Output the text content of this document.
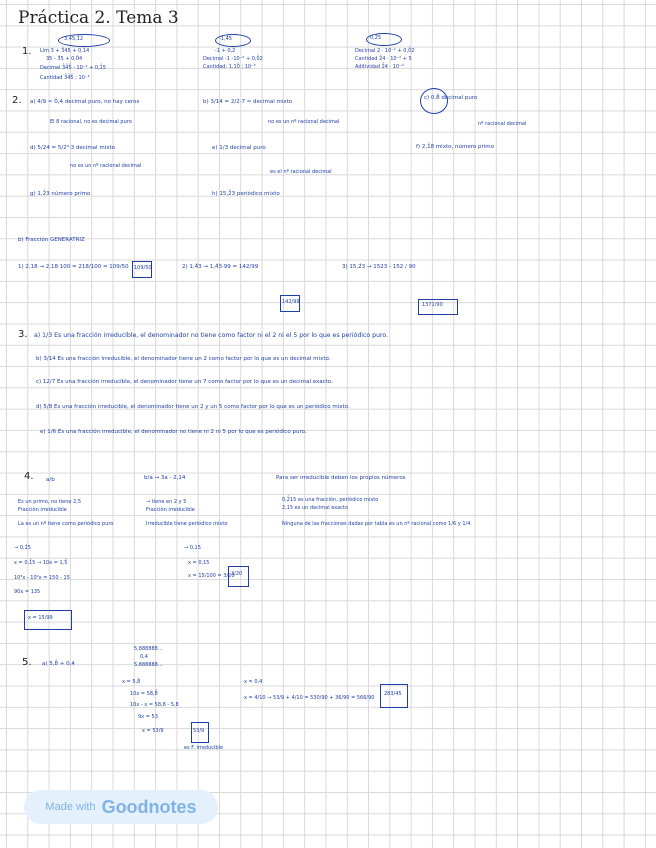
Práctica 2. Tema 3
1.
3,45,1̂2	-1,4̂5	0,2̂5
Lim 3 + 3̂45 + 0,1̂4
35 - 3̂5 + 0,0̂4
Decimal 3̂4̂5̂ - 10⁻² + 0,1̂5
Cantidad 3̂4̂5̂ ; 10⁻³
-1 + 0,2̂
Decimal -1 -10⁻² + 0,0̂2
Cantidad: 1,10̂ ; 10⁻²
Decimal 2 · 10⁻¹ + 0,0̂2
Cantidad 2̂4 · 10⁻² + 5
Aditividad 2̂4 · 10⁻²
2. a) 4/9 ≈ 0̂,4 decimal puro, no hay ceros
El 8 racional, no es decimal puro
b) 3/14 = 2/2·7 ≈ decimal mixto
no es un nº racional decimal
c) 0,8̂ decimal puro
nº racional decimal
d) 5/24 = 5/2³·3 decimal mixto
no es un nº racional decimal
e) 1/3 decimal puro
es el nº racional decimal
f) 2,1̂8 mixto, número primo
g) 1,2̂3 número primo	h) 15,2̂3 periódico mixto
b) Fracción GENERATRIZ
1) 2,18 → 2,18·100 = 218/100 = 109/50 109/50	2) 1,4̂3 → 1,4̂3·99 = 142/99
142/99
3) 15,2̂3 → 1523 - 152 / 90
1371/90
3. a) 1/3 Es una fracción irreducible, el denominador no tiene como factor ni el 2 ni el 5 por lo que es periódico puro.
b) 3/14 Es una fracción irreducible, el denominador tiene un 2 como factor por lo que es un decimal mixto.
c) 12/7 Es una fracción irreducible, el denominador tiene un 7 como factor por lo que es un decimal exacto.
d) 5/8 Es una fracción irreducible, el denominador tiene un 2 y un 5 como factor por lo que es un periódico mixto.
e) 1/6 Es una fracción irreducible, el denominador no tiene ni 2 ni 5 por lo que es periódico puro.
4. a/b	b/a → 3a - 2,14	Para ser irreducible deben los propios números
Es un primo, no tiene 2,5
Fracción irreducible
La es un nº tiene como periódico puro
→ tiene en 2 y 5
Fracción irreducible
Irreducible tiene periódico mixto
0,2̂15 es una fracción, periódico mixto
2,15 es un decimal exacto
Ninguna de las fracciones dadas por tabla es un nº racional como 1/6 y 1/4
→ 0,1̂5
x = 0,1̂5 → 10x = 1,5̂
10³x - 10²x = 150 - 15
90x = 135
x = 15/99
→ 0,15
x = 0,15
x = 15/100 = 3/20
3/20
5. a) 5,8̂ + 0,4
5,888888...
0,4
5,888888...
x = 5,8̂
10x = 58,8̂
10x - x = 58,8 - 5,8
9x = 53
x = 53/9	53/9
es F. irreducible
x = 0,4
x = 4/10 → 53/9 + 4/10 = 530/90 + 36/90 = 566/90
283/45
Made with Goodnotes
